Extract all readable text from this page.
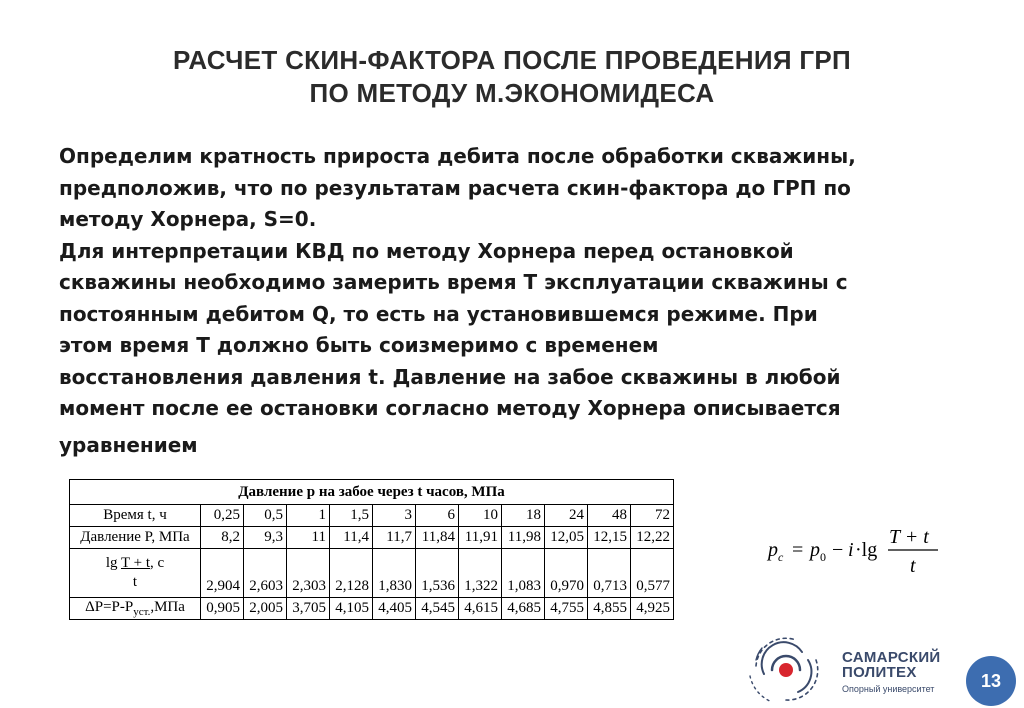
РАСЧЕТ СКИН-ФАКТОРА ПОСЛЕ ПРОВЕДЕНИЯ ГРП
ПО МЕТОДУ М.ЭКОНОМИДЕСА
Определим кратность прироста дебита после обработки скважины,
предположив, что по результатам расчета скин-фактора до ГРП по
методу Хорнера, S=0.
Для интерпретации КВД по методу Хорнера перед остановкой
скважины необходимо замерить время T эксплуатации скважины с
постоянным дебитом Q, то есть на установившемся режиме. При
этом время T должно быть соизмеримо с временем
восстановления давления t. Давление на забое скважины в любой
момент после ее остановки согласно методу Хорнера описывается
уравнением
Давление p на забое через t часов, МПа											
Время t, ч	0,25	0,5	1	1,5	3	6	10	18	24	48	72
Давление P, МПа	8,2	9,3	11	11,4	11,7	11,84	11,91	11,98	12,05	12,15	12,22

lg T + t, с
t	2,904	2,603	2,303	2,128	1,830	1,536	1,322	1,083	0,970	0,713	0,577
$\Delta P=P-P_{уст.},МПа$	0,905	2,005	3,705	4,105	4,405	4,545	4,615	4,685	4,755	4,855	4,925
p c = p 0 − i ·lg
T + t
t
САМАРСКИЙ
ПОЛИТЕХ
Опорный университет	13
